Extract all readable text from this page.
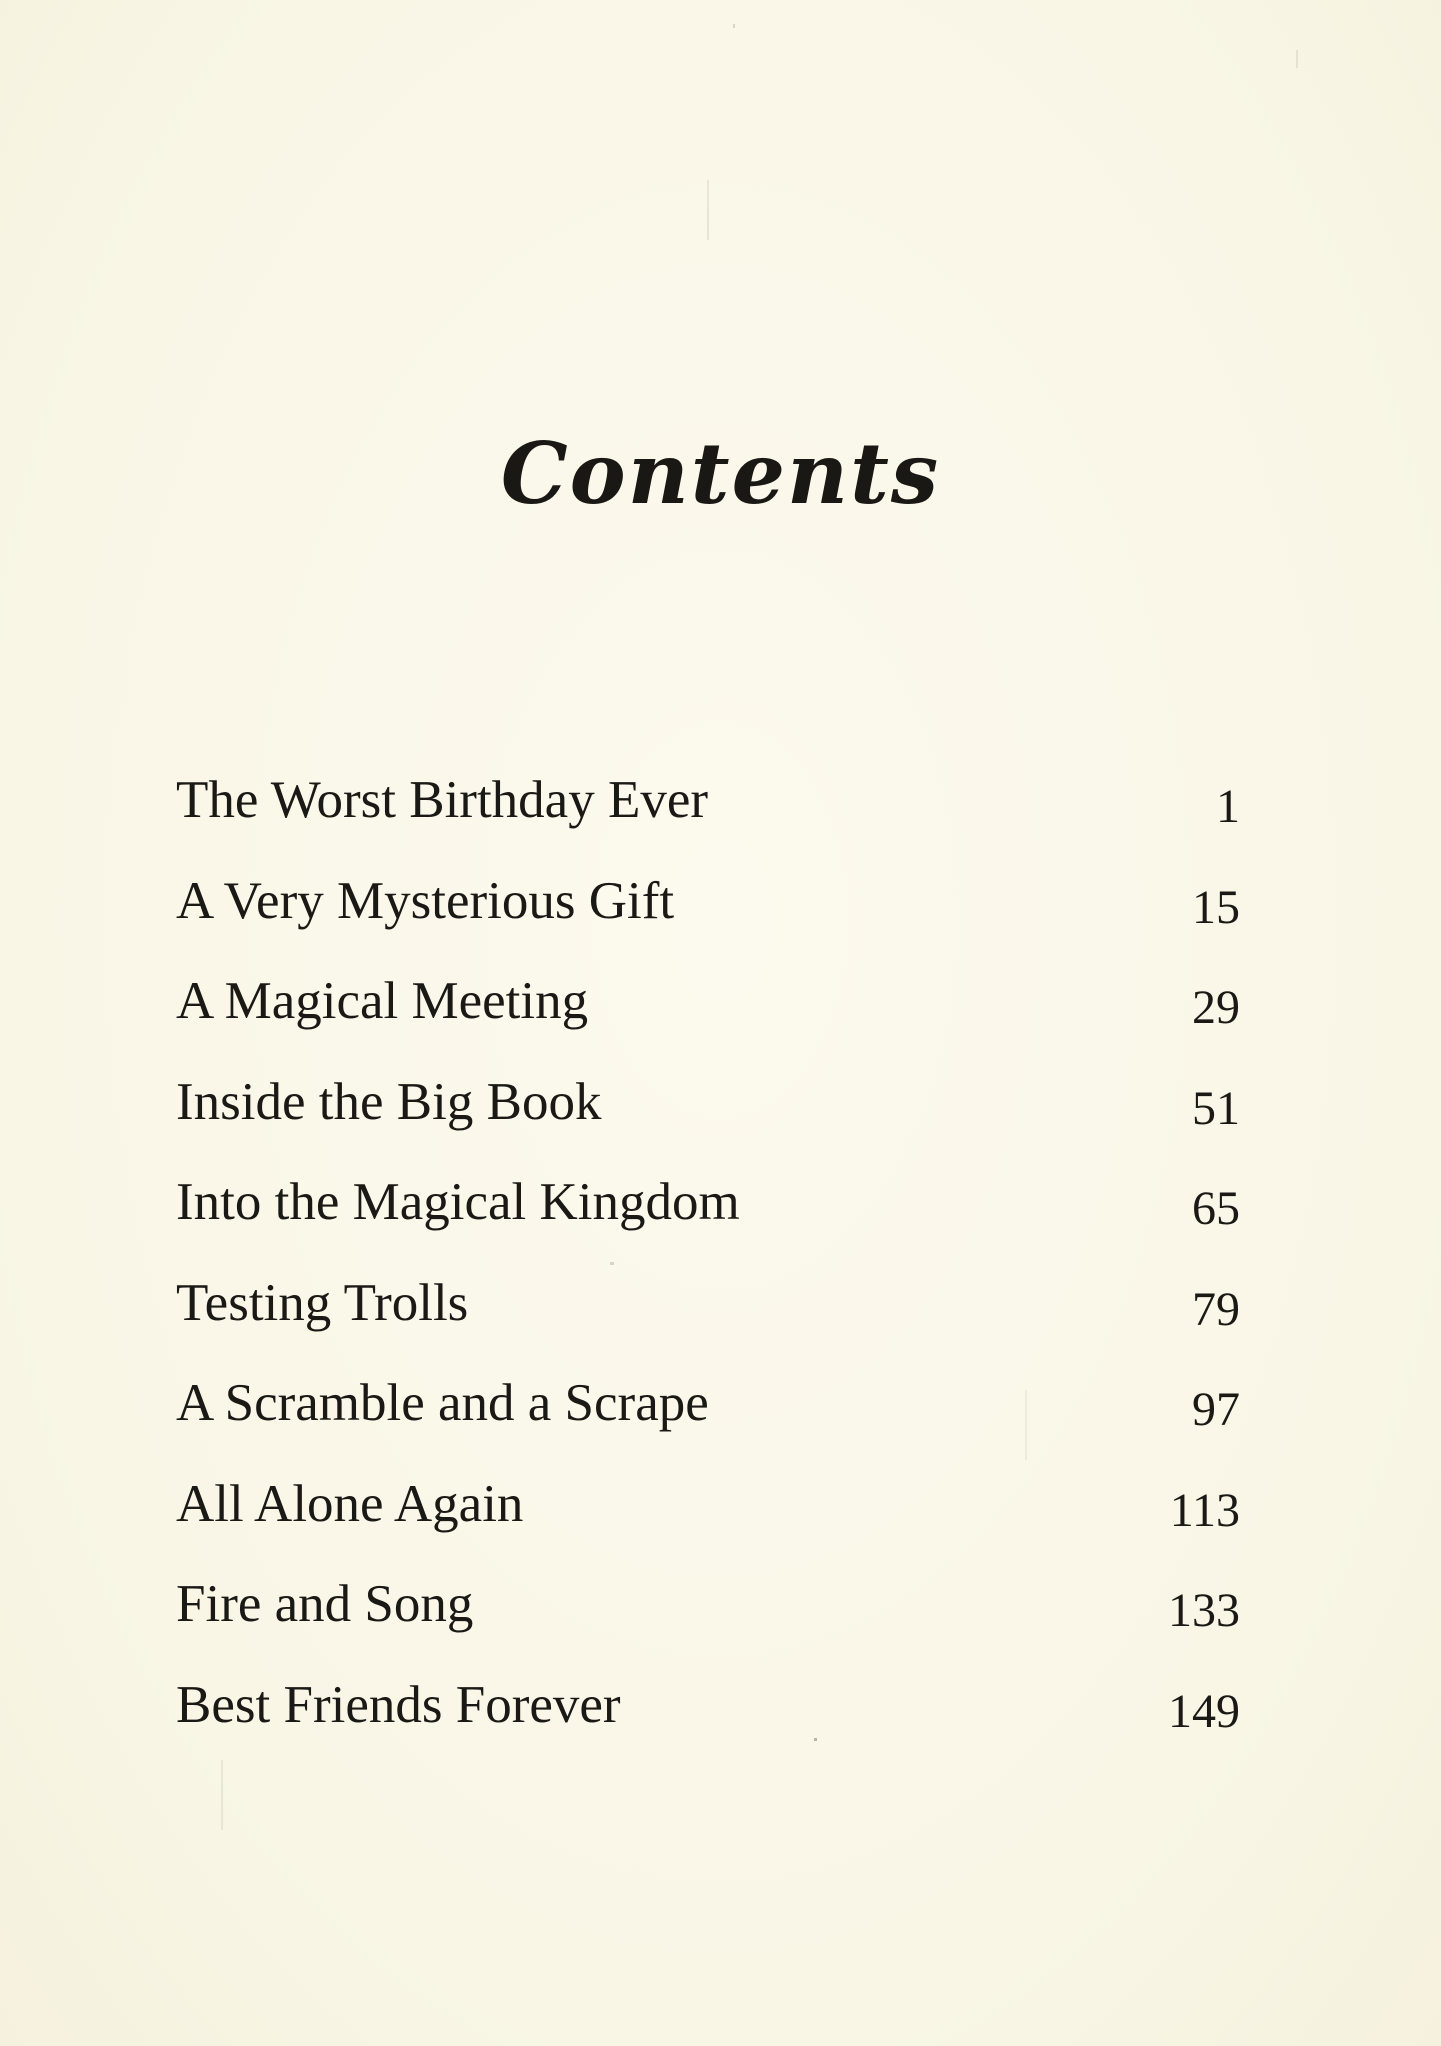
Contents
The Worst Birthday Ever	1
A Very Mysterious Gift	15
A Magical Meeting	29
Inside the Big Book	51
Into the Magical Kingdom	65
Testing Trolls	79
A Scramble and a Scrape	97
All Alone Again	113
Fire and Song	133
Best Friends Forever	149
